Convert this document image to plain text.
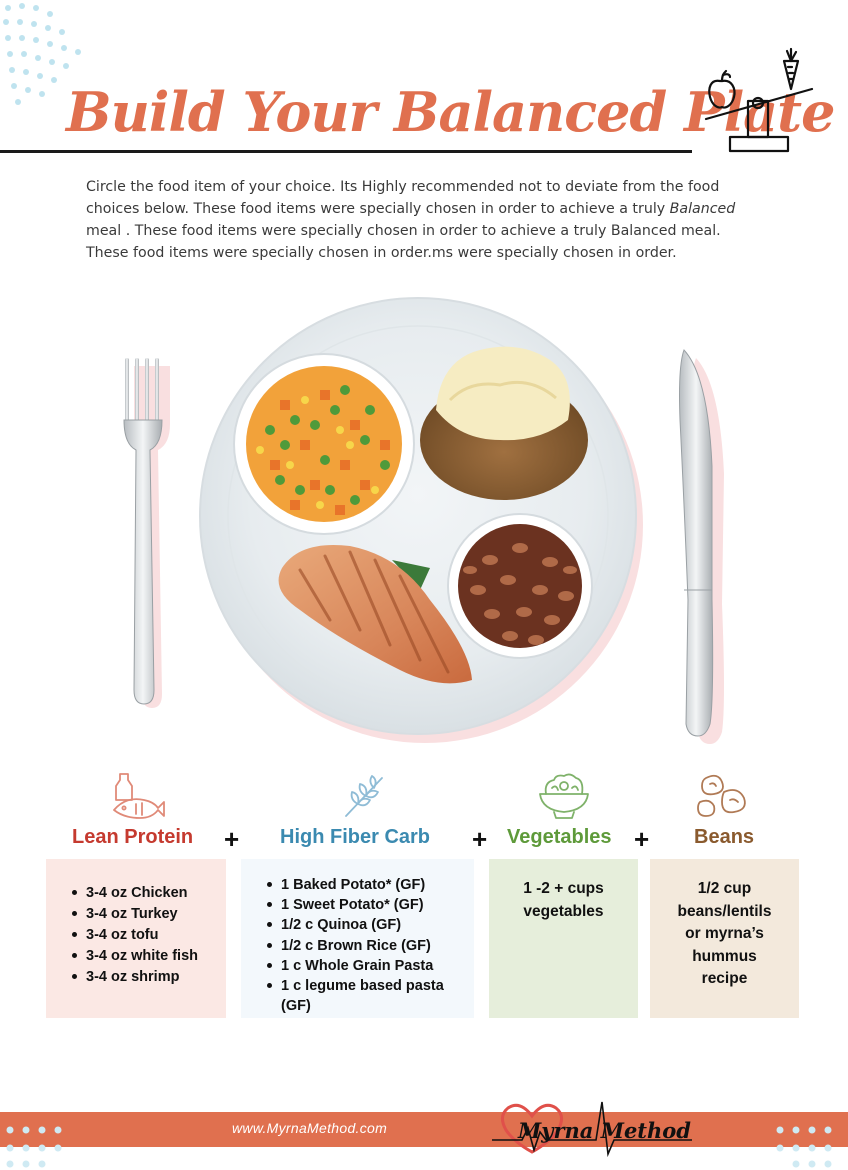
Build Your Balanced Plate

Circle the food item of your choice. Its Highly recommended not to deviate from the food choices below. These food items were specially chosen in order to achieve a truly Balanced meal . These food items were specially chosen in order to achieve a truly Balanced meal. These food items were specially chosen in order.ms were specially chosen in order.

Lean Protein + High Fiber Carb + Vegetables + Beans
3-4 oz Chicken
3-4 oz Turkey
3-4 oz tofu
3-4 oz white fish
3-4 oz shrimp
1 Baked Potato* (GF)
1 Sweet Potato* (GF)
1/2 c Quinoa (GF)
1/2 c Brown Rice (GF)
1 c Whole Grain Pasta
1 c legume based pasta (GF)
1 -2 + cups
vegetables
1/2 cup
beans/lentils
or myrna’s
hummus
recipe
www.MyrnaMethod.com	Myrna Method
